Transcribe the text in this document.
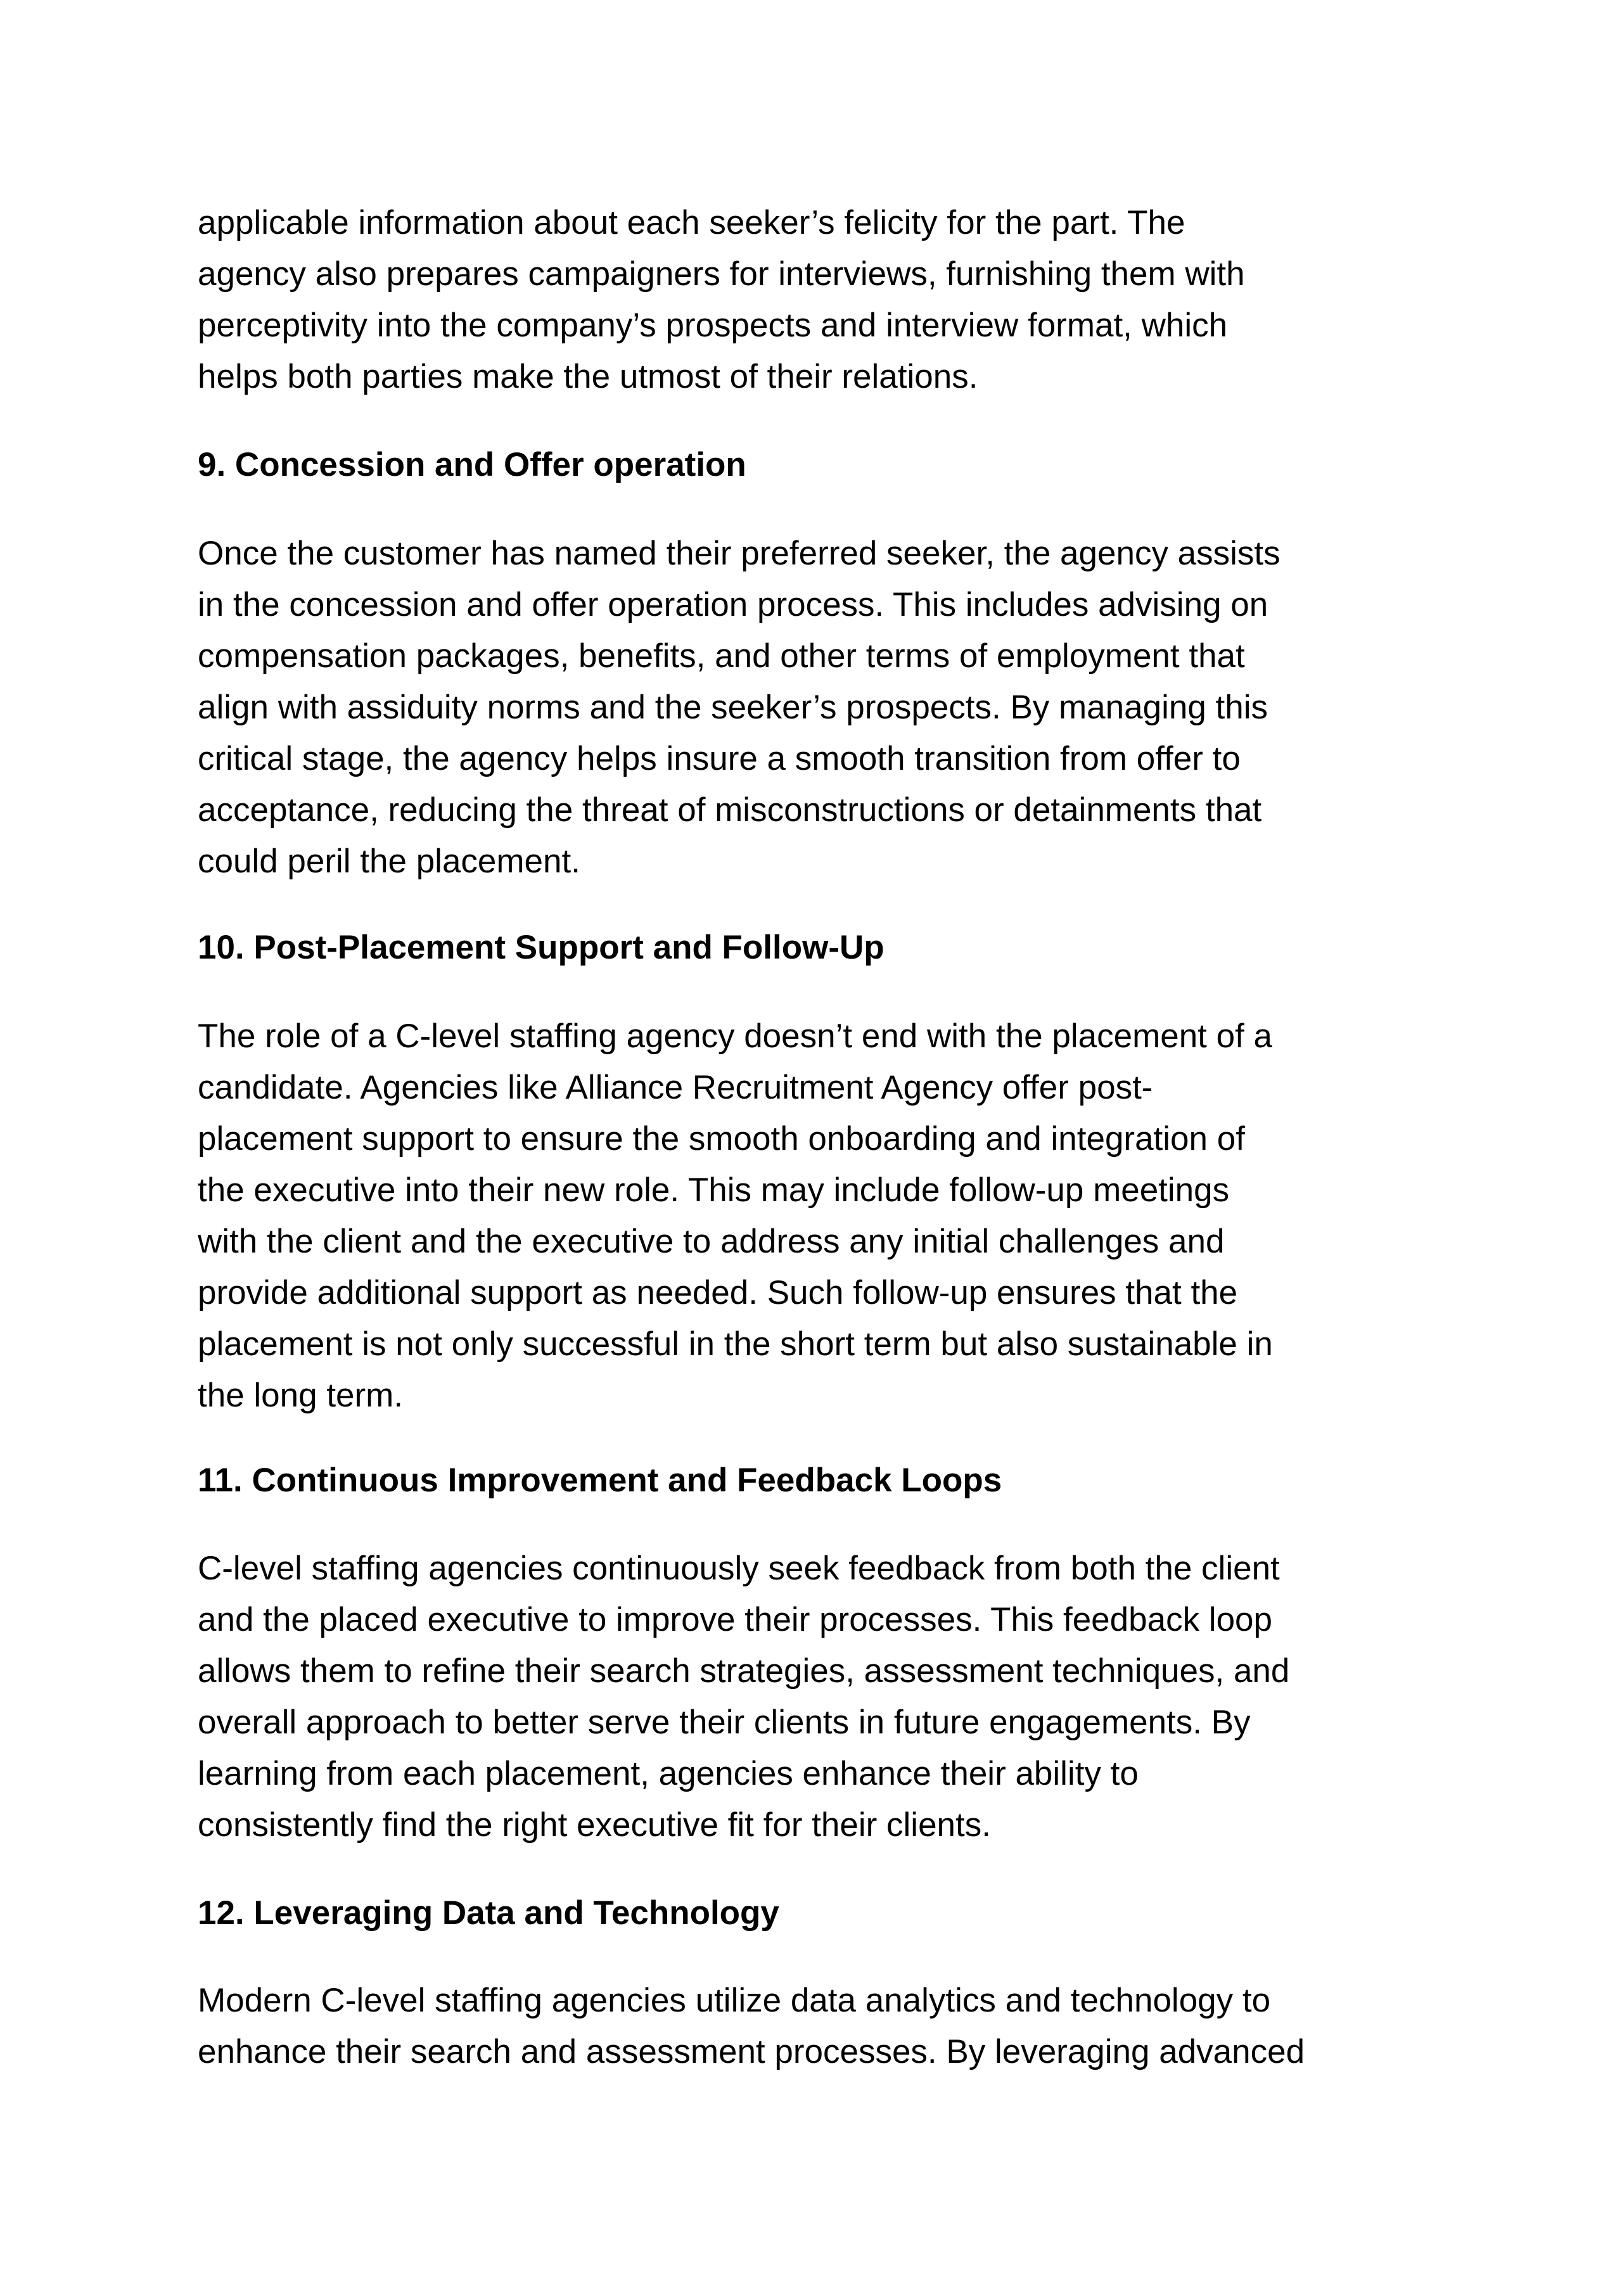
applicable information about each seeker’s felicity for the part. The
agency also prepares campaigners for interviews, furnishing them with
perceptivity into the company’s prospects and interview format, which
helps both parties make the utmost of their relations.
9. Concession and Offer operation
Once the customer has named their preferred seeker, the agency assists
in the concession and offer operation process. This includes advising on
compensation packages, benefits, and other terms of employment that
align with assiduity norms and the seeker’s prospects. By managing this
critical stage, the agency helps insure a smooth transition from offer to
acceptance, reducing the threat of misconstructions or detainments that
could peril the placement.
10. Post-Placement Support and Follow-Up
The role of a C-level staffing agency doesn’t end with the placement of a
candidate. Agencies like Alliance Recruitment Agency offer post-
placement support to ensure the smooth onboarding and integration of
the executive into their new role. This may include follow-up meetings
with the client and the executive to address any initial challenges and
provide additional support as needed. Such follow-up ensures that the
placement is not only successful in the short term but also sustainable in
the long term.
11. Continuous Improvement and Feedback Loops
C-level staffing agencies continuously seek feedback from both the client
and the placed executive to improve their processes. This feedback loop
allows them to refine their search strategies, assessment techniques, and
overall approach to better serve their clients in future engagements. By
learning from each placement, agencies enhance their ability to
consistently find the right executive fit for their clients.
12. Leveraging Data and Technology
Modern C-level staffing agencies utilize data analytics and technology to
enhance their search and assessment processes. By leveraging advanced
